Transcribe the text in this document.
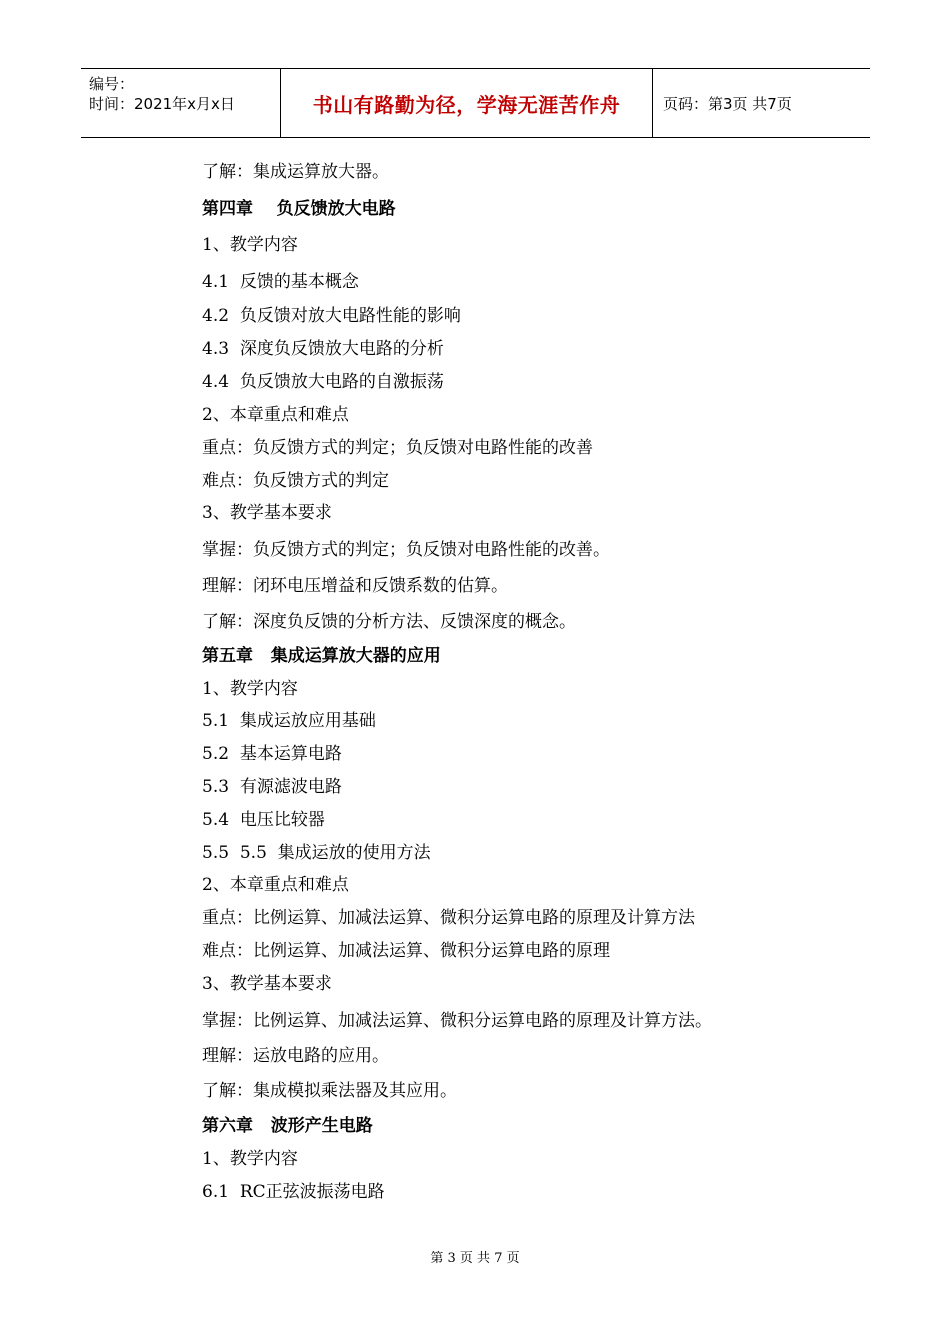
编号：
时间：2021年x月x日	书山有路勤为径，学海无涯苦作舟	页码：第3页 共7页
了解：集成运算放大器。
第四章    负反馈放大电路
1、教学内容
4.1  反馈的基本概念
4.2  负反馈对放大电路性能的影响
4.3  深度负反馈放大电路的分析
4.4  负反馈放大电路的自激振荡
2、本章重点和难点
重点：负反馈方式的判定；负反馈对电路性能的改善
难点：负反馈方式的判定
3、教学基本要求
掌握：负反馈方式的判定；负反馈对电路性能的改善。
理解：闭环电压增益和反馈系数的估算。
了解：深度负反馈的分析方法、反馈深度的概念。
第五章   集成运算放大器的应用
1、教学内容
5.1  集成运放应用基础
5.2  基本运算电路
5.3  有源滤波电路
5.4  电压比较器
5.5  5.5  集成运放的使用方法
2、本章重点和难点
重点：比例运算、加减法运算、微积分运算电路的原理及计算方法
难点：比例运算、加减法运算、微积分运算电路的原理
3、教学基本要求
掌握：比例运算、加减法运算、微积分运算电路的原理及计算方法。
理解：运放电路的应用。
了解：集成模拟乘法器及其应用。
第六章   波形产生电路
1、教学内容
6.1  RC正弦波振荡电路
第 3 页 共 7 页
